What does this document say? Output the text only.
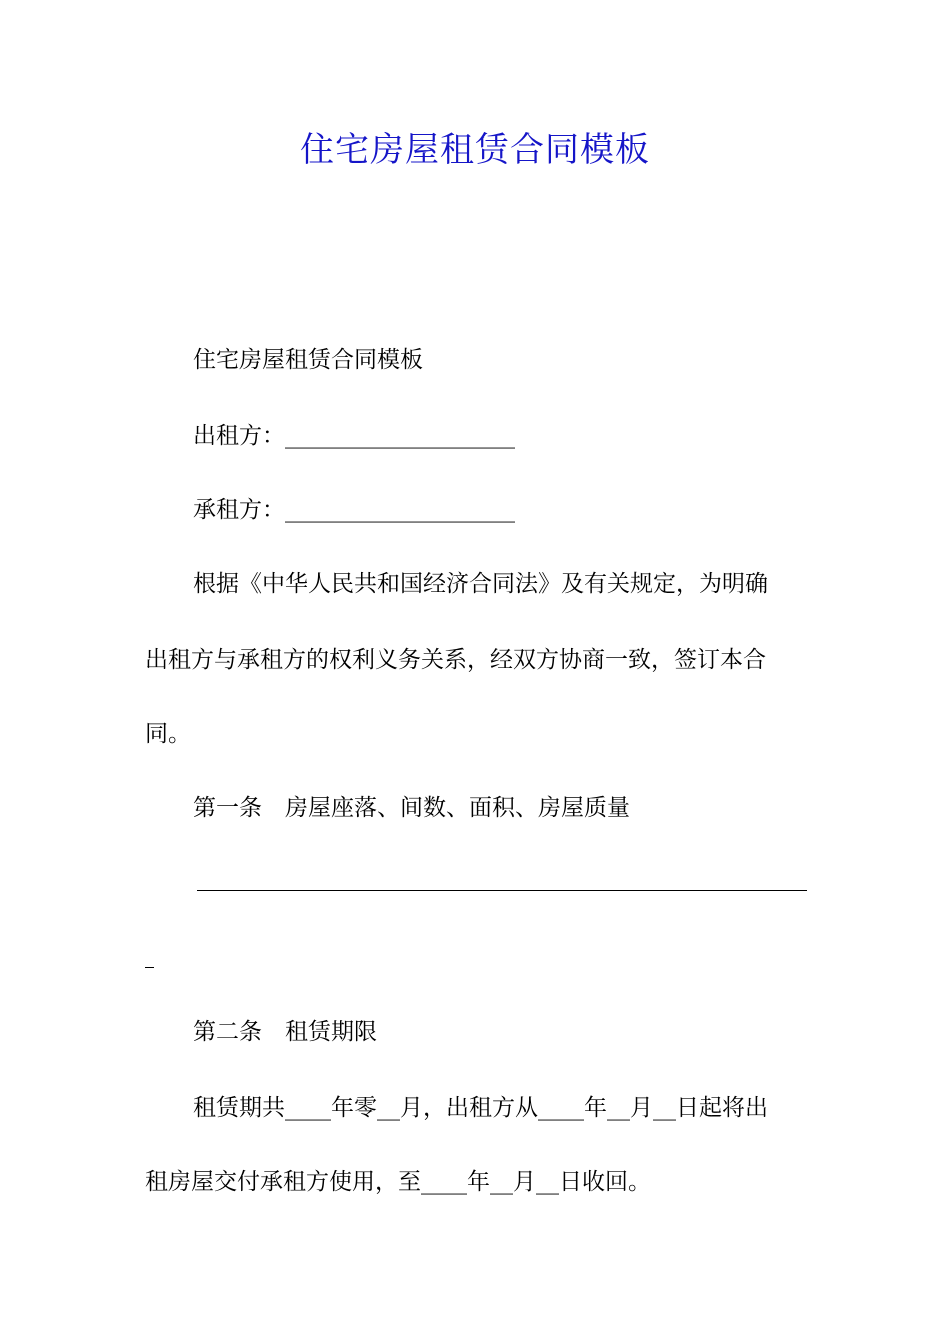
住宅房屋租赁合同模板
住宅房屋租赁合同模板
出租方：____________________
承租方：____________________
根据《中华人民共和国经济合同法》及有关规定，为明确
出租方与承租方的权利义务关系，经双方协商一致，签订本合
同。
第一条　房屋座落、间数、面积、房屋质量
第二条　租赁期限
租赁期共____年零__月，出租方从____年__月__日起将出
租房屋交付承租方使用，至____年__月__日收回。
